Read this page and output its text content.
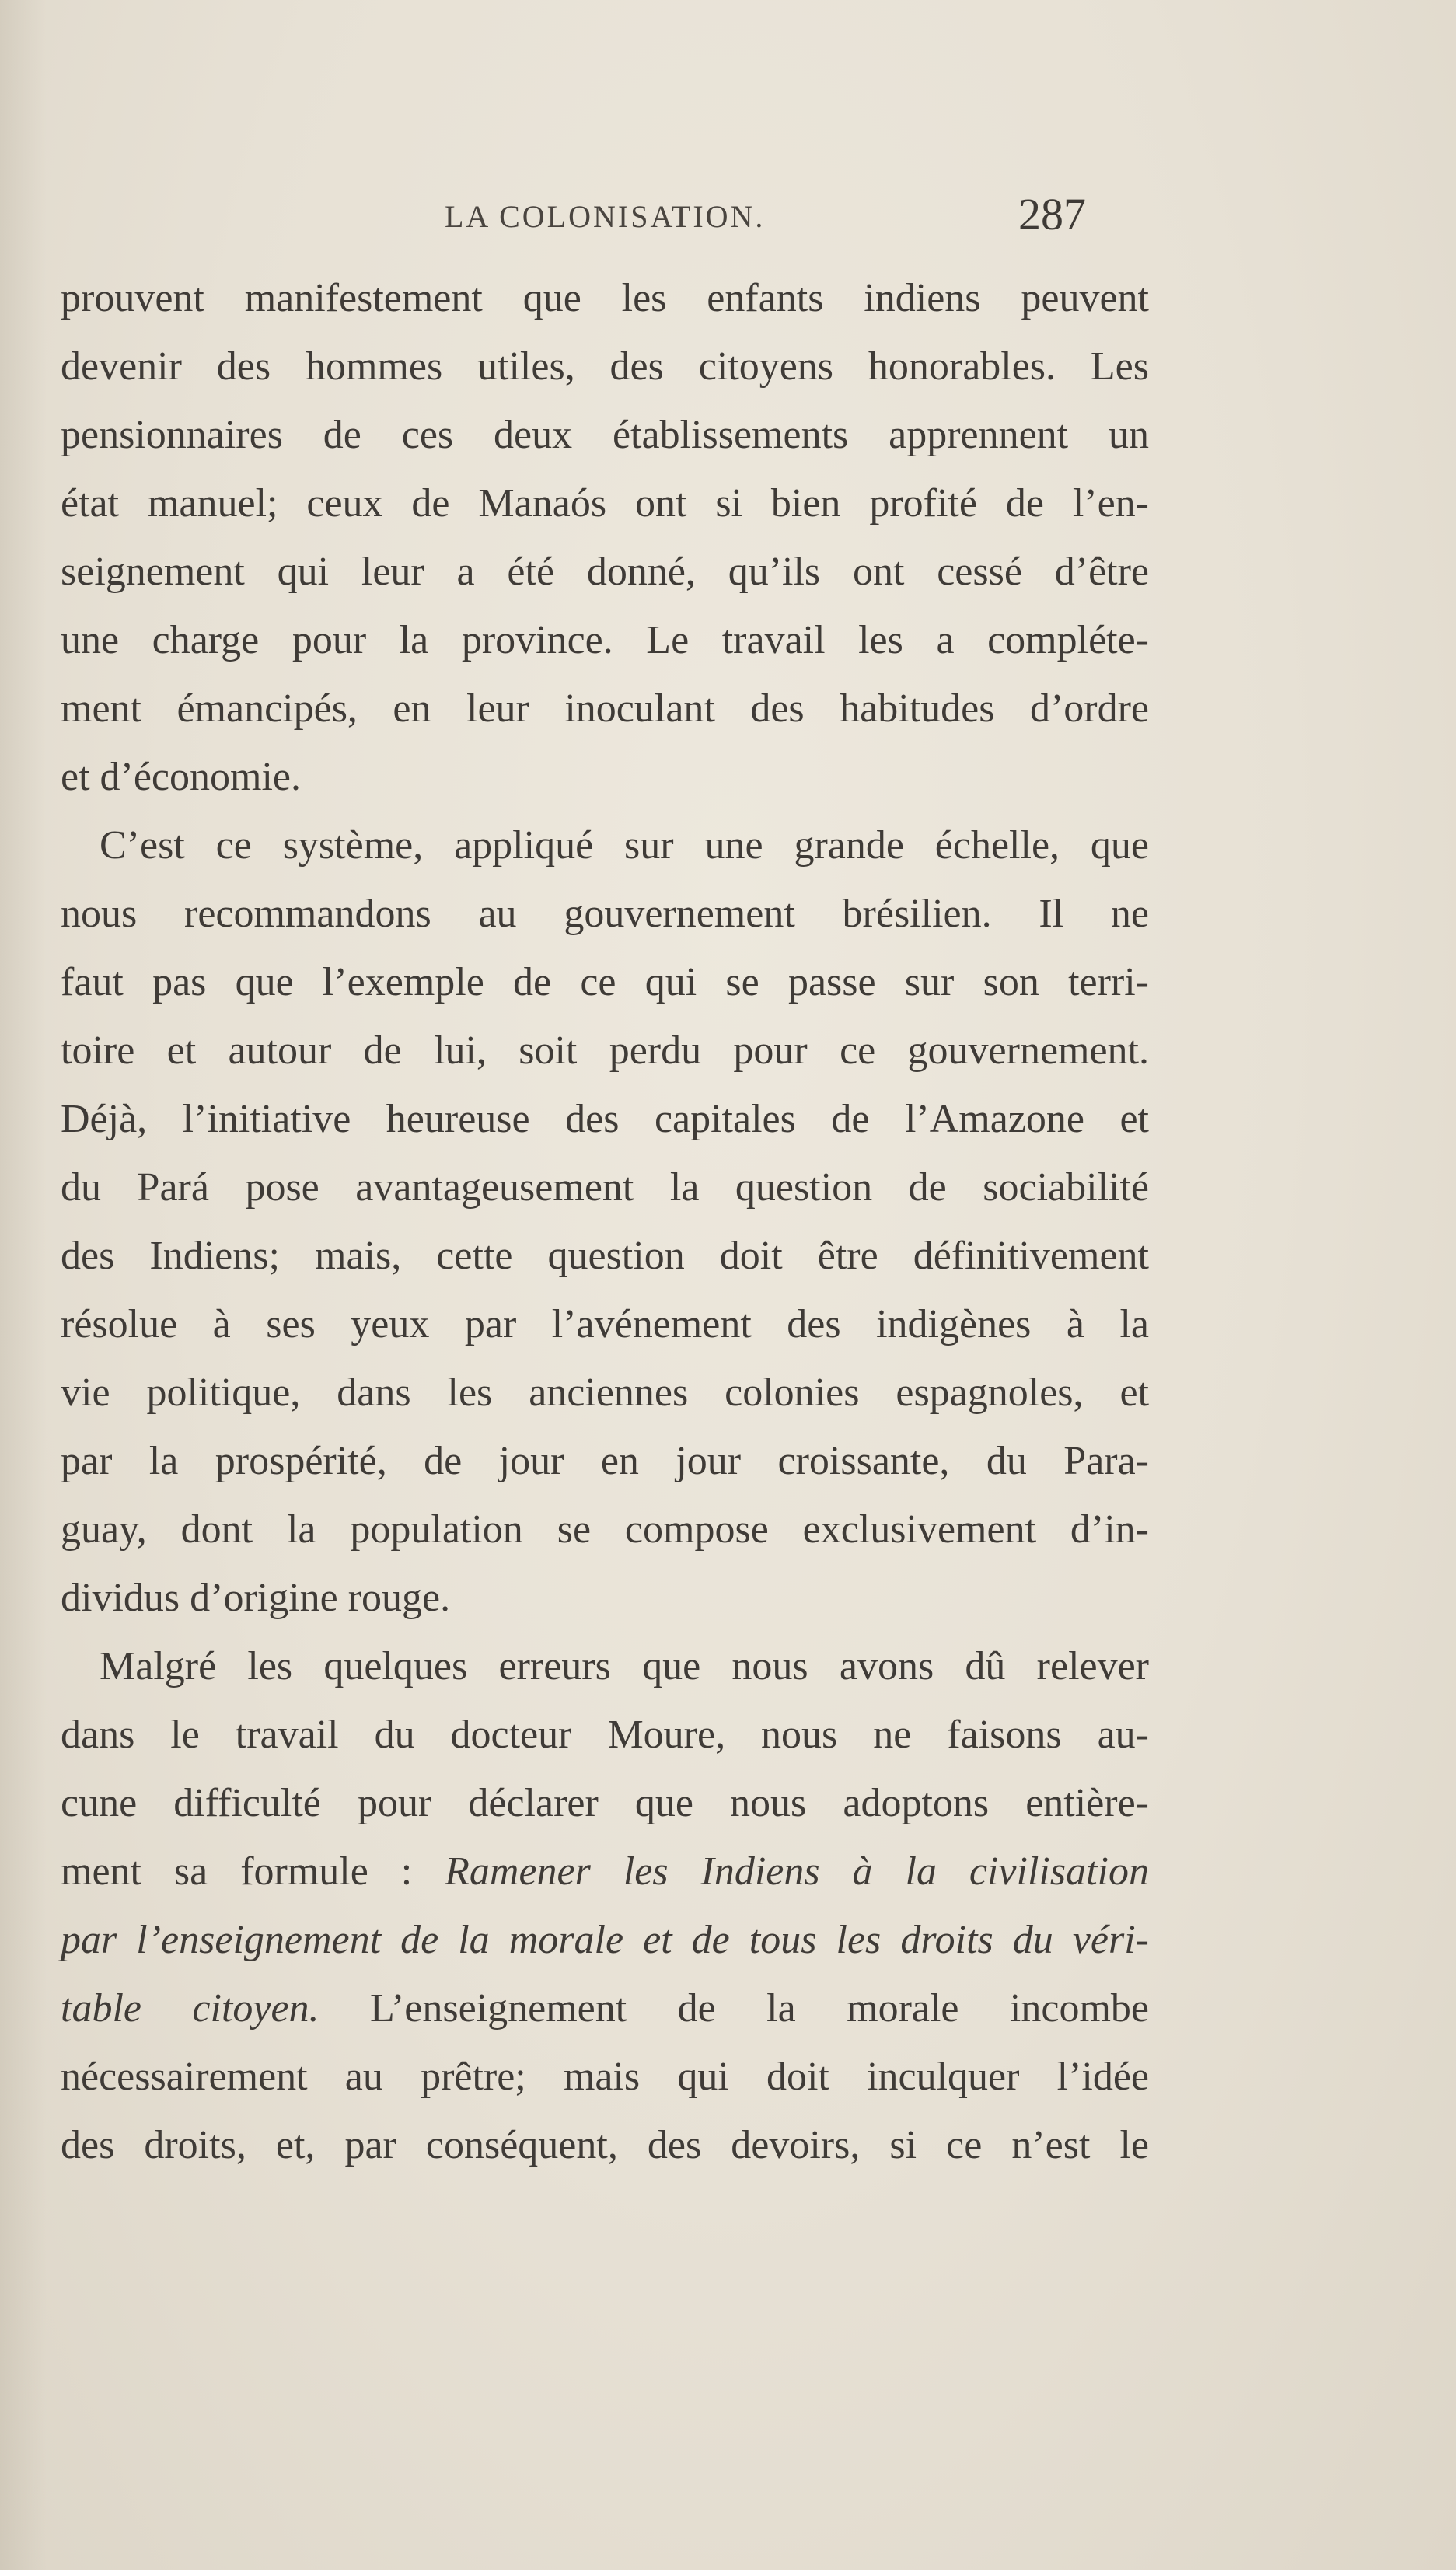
LA COLONISATION.	287
prouvent manifestement que les enfants indiens peuvent
devenir des hommes utiles, des citoyens honorables. Les
pensionnaires de ces deux établissements apprennent un
état manuel; ceux de Manaós ont si bien profité de l’en-
seignement qui leur a été donné, qu’ils ont cessé d’être
une charge pour la province. Le travail les a compléte-
ment émancipés, en leur inoculant des habitudes d’ordre
et d’économie.
C’est ce système, appliqué sur une grande échelle, que
nous recommandons au gouvernement brésilien. Il ne
faut pas que l’exemple de ce qui se passe sur son terri-
toire et autour de lui, soit perdu pour ce gouvernement.
Déjà, l’initiative heureuse des capitales de l’Amazone et
du Pará pose avantageusement la question de sociabilité
des Indiens; mais, cette question doit être définitivement
résolue à ses yeux par l’avénement des indigènes à la
vie politique, dans les anciennes colonies espagnoles, et
par la prospérité, de jour en jour croissante, du Para-
guay, dont la population se compose exclusivement d’in-
dividus d’origine rouge.
Malgré les quelques erreurs que nous avons dû relever
dans le travail du docteur Moure, nous ne faisons au-
cune difficulté pour déclarer que nous adoptons entière-
ment sa formule : Ramener les Indiens à la civilisation
par l’enseignement de la morale et de tous les droits du véri-
table citoyen. L’enseignement de la morale incombe
nécessairement au prêtre; mais qui doit inculquer l’idée
des droits, et, par conséquent, des devoirs, si ce n’est le
